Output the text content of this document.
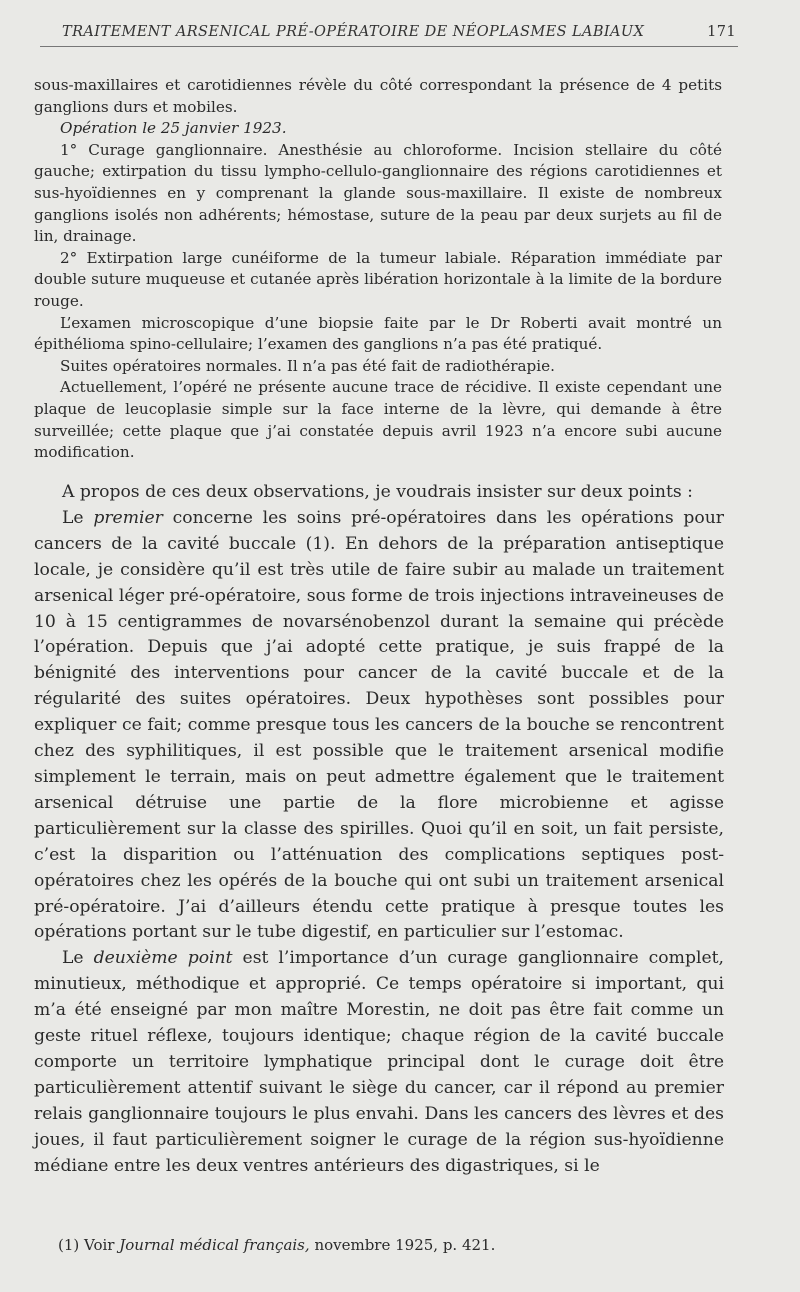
TRAITEMENT ARSENICAL PRÉ-OPÉRATOIRE DE NÉOPLASMES LABIAUX	171

sous-maxillaires et carotidiennes révèle du côté correspondant la présence de 4 petits ganglions durs et mobiles.

Opération le 25 janvier 1923.

1° Curage ganglionnaire. Anesthésie au chloroforme. Incision stellaire du côté gauche; extirpation du tissu lympho-cellulo-ganglionnaire des régions carotidiennes et sus-hyoïdiennes en y comprenant la glande sous-maxillaire. Il existe de nombreux ganglions isolés non adhérents; hémostase, suture de la peau par deux surjets au fil de lin, drainage.

2° Extirpation large cunéiforme de la tumeur labiale. Réparation immédiate par double suture muqueuse et cutanée après libération horizontale à la limite de la bordure rouge.

L’examen microscopique d’une biopsie faite par le Dr Roberti avait montré un épithélioma spino-cellulaire; l’examen des ganglions n’a pas été pratiqué.

Suites opératoires normales. Il n’a pas été fait de radiothérapie.

Actuellement, l’opéré ne présente aucune trace de récidive. Il existe cependant une plaque de leucoplasie simple sur la face interne de la lèvre, qui demande à être surveillée; cette plaque que j’ai constatée depuis avril 1923 n’a encore subi aucune modification.

A propos de ces deux observations, je voudrais insister sur deux points :

Le premier concerne les soins pré-opératoires dans les opérations pour cancers de la cavité buccale (1). En dehors de la préparation antiseptique locale, je considère qu’il est très utile de faire subir au malade un traitement arsenical léger pré-opératoire, sous forme de trois injections intraveineuses de 10 à 15 centigrammes de novarsénobenzol durant la semaine qui précède l’opération. Depuis que j’ai adopté cette pratique, je suis frappé de la bénignité des interventions pour cancer de la cavité buccale et de la régularité des suites opératoires. Deux hypothèses sont possibles pour expliquer ce fait; comme presque tous les cancers de la bouche se rencontrent chez des syphilitiques, il est possible que le traitement arsenical modifie simplement le terrain, mais on peut admettre également que le traitement arsenical détruise une partie de la flore microbienne et agisse particulièrement sur la classe des spirilles. Quoi qu’il en soit, un fait persiste, c’est la disparition ou l’atténuation des complications septiques post-opératoires chez les opérés de la bouche qui ont subi un traitement arsenical pré-opératoire. J’ai d’ailleurs étendu cette pratique à presque toutes les opérations portant sur le tube digestif, en particulier sur l’estomac.

Le deuxième point est l’importance d’un curage ganglionnaire complet, minutieux, méthodique et approprié. Ce temps opératoire si important, qui m’a été enseigné par mon maître Morestin, ne doit pas être fait comme un geste rituel réflexe, toujours identique; chaque région de la cavité buccale comporte un territoire lymphatique principal dont le curage doit être particulièrement attentif suivant le siège du cancer, car il répond au premier relais ganglionnaire toujours le plus envahi. Dans les cancers des lèvres et des joues, il faut particulièrement soigner le curage de la région sus-hyoïdienne médiane entre les deux ventres antérieurs des digastriques, si le

(1) Voir Journal médical français, novembre 1925, p. 421.
